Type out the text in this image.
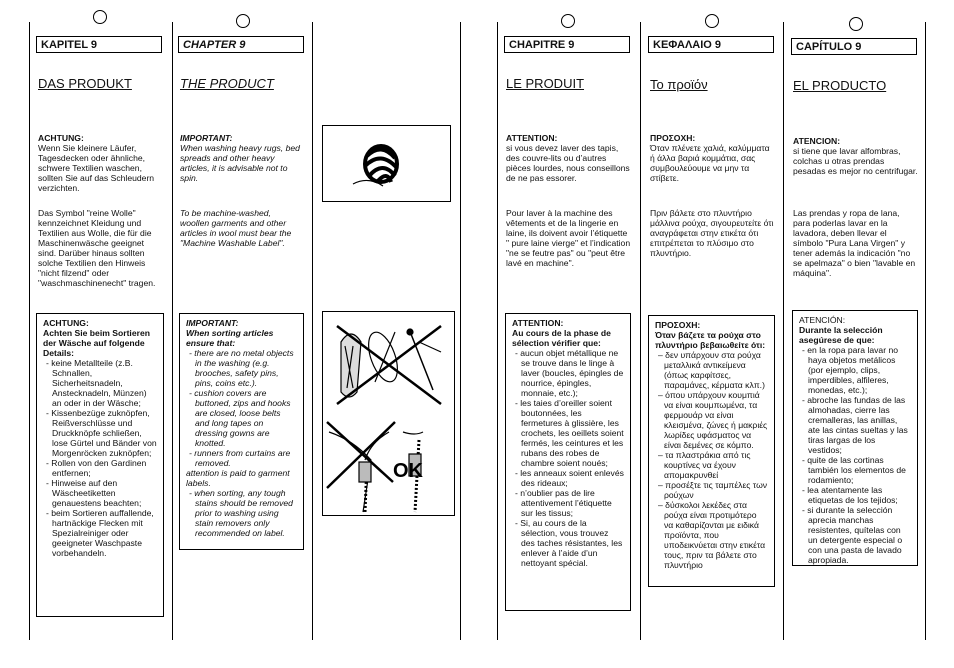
KAPITEL 9
DAS PRODUKT
ACHTUNG:
Wenn Sie kleinere Läufer, Tagesdecken oder ähnliche, schwere Textilien waschen, sollten Sie auf das Schleudern verzichten.
Das Symbol "reine Wolle" kennzeichnet Kleidung und Textilien aus Wolle, die für die Maschinenwäsche geeignet sind. Darüber hinaus sollten solche Textilien den Hinweis "nicht filzend" oder "waschmaschinenecht" tragen.
ACHTUNG:
Achten Sie beim Sortieren der Wäsche auf folgende Details:
- keine Metallteile (z.B. Schnallen, Sicherheitsnadeln, Anstecknadeln, Münzen) an oder in der Wäsche;
- Kissenbezüge zuknöpfen, Reißverschlüsse und Druckknöpfe schließen, lose Gürtel und Bänder von Morgenröcken zuknöpfen;
- Rollen von den Gardinen entfernen;
- Hinweise auf den Wäscheetiketten genauestens beachten;
- beim Sortieren auffallende, hartnäckige Flecken mit Spezialreiniger oder geeigneter Waschpaste vorbehandeln.
CHAPTER 9
THE PRODUCT
IMPORTANT:
When washing heavy rugs, bed spreads and other heavy articles, it is advisable not to spin.
To be machine-washed, woollen garments and other articles in wool must bear the "Machine Washable Label".
IMPORTANT:
When sorting articles ensure that:
- there are no metal objects in the washing (e.g. brooches, safety pins, pins, coins etc.).
- cushion covers are buttoned, zips and hooks are closed, loose belts and long tapes on dressing gowns are knotted.
- runners from curtains are removed.
attention is paid to garment labels.
- when sorting, any tough stains should be removed prior to washing using stain removers only recommended on label.
OK
CHAPITRE 9
LE PRODUIT
ATTENTION:
si vous devez laver des tapis, des couvre-lits ou d’autres pièces lourdes, nous conseillons de ne pas essorer.
Pour laver à la machine des vêtements et de la lingerie en laine, ils doivent avoir l’étiquette " pure laine vierge" et l’indication "ne se feutre pas" ou "peut être lavé en machine".
ATTENTION:
Au cours de la phase de sélection vérifier que:
- aucun objet métallique ne se trouve dans le linge à laver (boucles, épingles de nourrice, épingles, monnaie, etc.);
- les taies d’oreiller soient boutonnées, les fermetures à glissière, les crochets, les oeillets soient fermés, les ceintures et les rubans des robes de chambre soient noués;
- les anneaux soient enlevés des rideaux;
- n’oublier pas de lire attentivement l’étiquette sur les tissus;
- Si, au cours de la sélection, vous trouvez des taches résistantes, les enlever à l’aide d’un nettoyant spécial.
ΚΕΦΑΛΑΙΟ 9
Το προϊόν
ΠΡΟΣΟΧΗ:
Όταν πλένετε χαλιά, καλύμματα ή άλλα βαριά κομμάτια, σας συμβουλεύουμε να μην τα στίβετε.
Πριν βάλετε στο πλυντήριο μάλλινα ρούχα, σιγουρευτείτε ότι αναγράφεται στην ετικέτα ότι επιτρέπεται το πλύσιμο στο πλυντήριο.
ΠΡΟΣΟΧΗ:
Όταν βάζετε τα ρούχα στο πλυντήριο βεβαιωθείτε ότι:
– δεν υπάρχουν στα ρούχα μεταλλικά αντικείμενα (όπως καρφίτσες, παραμάνες, κέρματα κλπ.)
– όπου υπάρχουν κουμπιά να είναι κουμπωμένα, τα φερμουάρ να είναι κλεισμένα, ζώνες ή μακριές λωρίδες υφάσματος να είναι δεμένες σε κόμπο.
– τα πλαστράκια από τις κουρτίνες να έχουν απομακρυνθεί
– προσέξτε τις ταμπέλες των ρούχων
– δύσκολοι λεκέδες στα ρούχα είναι προτιμότερο να καθαρίζονται με ειδικά προϊόντα, που υποδεικνύεται στην ετικέτα τους, πριν τα βάλετε στο πλυντήριο
CAPÍTULO 9
EL PRODUCTO
ATENCION:
si tiene que lavar alfombras, colchas u otras prendas pesadas es mejor no centrifugar.
Las prendas y ropa de lana, para poderlas lavar en la lavadora, deben llevar el símbolo "Pura Lana Virgen" y tener además la indicación "no se apelmaza" o bien "lavable en máquina".
ATENCIÓN:
Durante la selección asegúrese de que:
- en la ropa para lavar no haya objetos metálicos (por ejemplo, clips, imperdibles, alfileres, monedas, etc.);
- abroche las fundas de las almohadas, cierre las cremalleras, las anillas, ate las cintas sueltas y las tiras largas de los vestidos;
- quite de las cortinas también los elementos de rodamiento;
- lea atentamente las etiquetas de los tejidos;
- si durante la selección aprecia manchas resistentes, quítelas con un detergente especial o con una pasta de lavado apropiada.
